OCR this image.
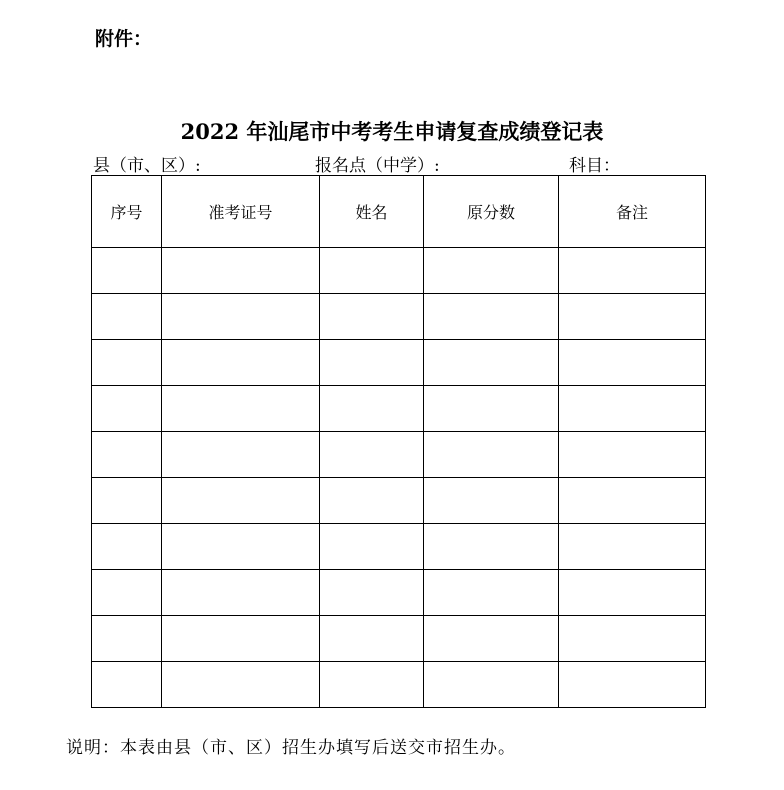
附件：
2022 年汕尾市中考考生申请复查成绩登记表
县（市、区）:	报名点（中学）:	科目：
序号	准考证号	姓名	原分数	备注

说明：本表由县（市、区）招生办填写后送交市招生办。
